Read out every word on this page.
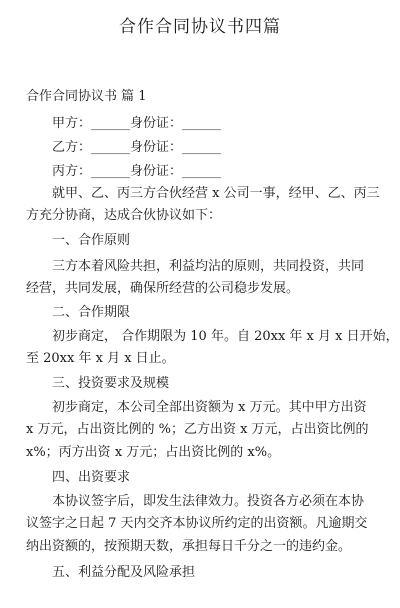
合作合同协议书四篇
合作合同协议书 篇 1
甲方：______身份证：______
乙方：______身份证：______
丙方：______身份证：______
就甲、乙、丙三方合伙经营 x 公司一事，经甲、乙、丙三
方充分协商，达成合伙协议如下：
一、合作原则
三方本着风险共担，利益均沾的原则，共同投资，共同
经营，共同发展，确保所经营的公司稳步发展。
二、合作期限
初步商定， 合作期限为 10 年。自 20xx 年 x 月 x 日开始，
至 20xx 年 x 月 x 日止。
三、投资要求及规模
初步商定，本公司全部出资额为 x 万元。其中甲方出资
x 万元，占出资比例的 %；乙方出资 x 万元，占出资比例的
x%；丙方出资 x 万元；占出资比例的 x%。
四、出资要求
本协议签字后，即发生法律效力。投资各方必须在本协
议签字之日起 7 天内交齐本协议所约定的出资额。凡逾期交
纳出资额的，按预期天数，承担每日千分之一的违约金。
五、利益分配及风险承担
